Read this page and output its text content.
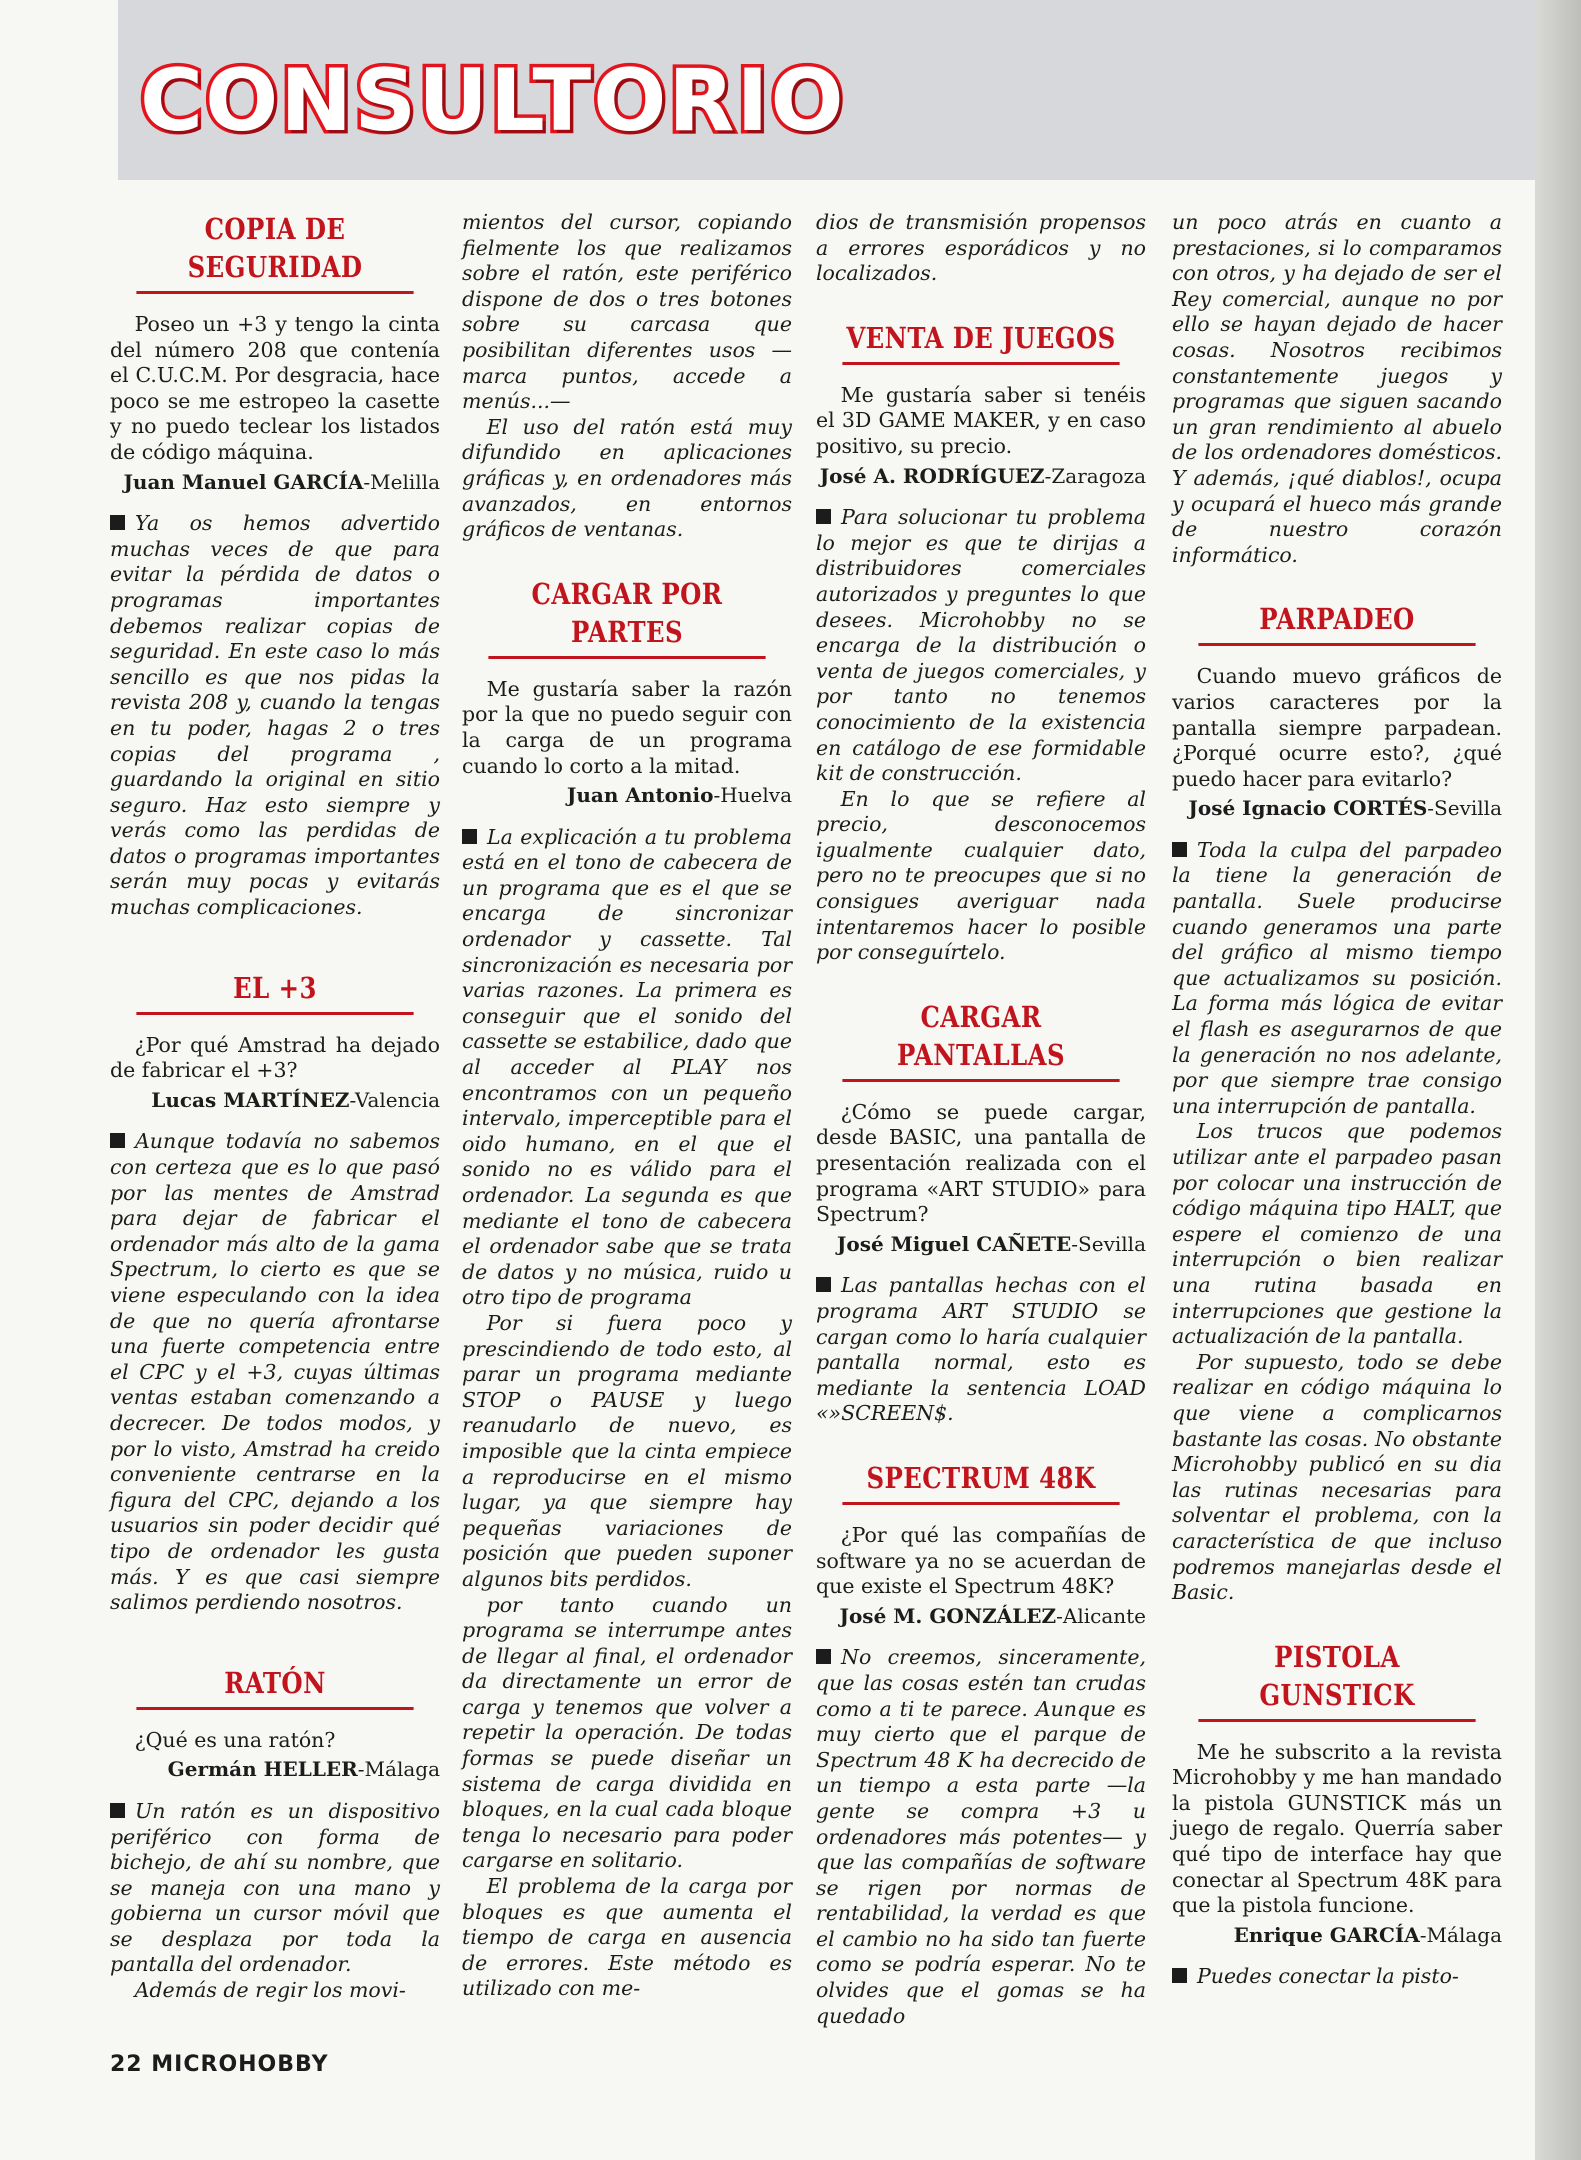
CONSULTORIO
COPIA DE SEGURIDAD

Poseo un +3 y tengo la cinta del número 208 que contenía el C.U.C.M. Por desgracia, hace poco se me estropeo la casette y no puedo teclear los listados de código máquina.

Juan Manuel GARCÍA-Melilla

Ya os hemos advertido muchas veces de que para evitar la pérdida de datos o programas importantes debemos realizar copias de seguridad. En este caso lo más sencillo es que nos pidas la revista 208 y, cuando la tengas en tu poder, hagas 2 o tres copias del programa , guardando la original en sitio seguro. Haz esto siempre y verás como las perdidas de datos o programas importantes serán muy pocas y evitarás muchas complicaciones.

EL +3

¿Por qué Amstrad ha dejado de fabricar el +3?

Lucas MARTÍNEZ-Valencia

Aunque todavía no sabemos con certeza que es lo que pasó por las mentes de Amstrad para dejar de fabricar el ordenador más alto de la gama Spectrum, lo cierto es que se viene especulando con la idea de que no quería afrontarse una fuerte competencia entre el CPC y el +3, cuyas últimas ventas estaban comenzando a decrecer. De todos modos, y por lo visto, Amstrad ha creido conveniente centrarse en la figura del CPC, dejando a los usuarios sin poder decidir qué tipo de ordenador les gusta más. Y es que casi siempre salimos perdiendo nosotros.

RATÓN

¿Qué es una ratón?

Germán HELLER-Málaga

Un ratón es un dispositivo periférico con forma de bichejo, de ahí su nombre, que se maneja con una mano y gobierna un cursor móvil que se desplaza por toda la pantalla del ordenador.

Además de regir los movi-

mientos del cursor, copiando fielmente los que realizamos sobre el ratón, este periférico dispone de dos o tres botones sobre su carcasa que posibilitan diferentes usos —marca puntos, accede a menús...—

El uso del ratón está muy difundido en aplicaciones gráficas y, en ordenadores más avanzados, en entornos gráficos de ventanas.

CARGAR POR PARTES

Me gustaría saber la razón por la que no puedo seguir con la carga de un programa cuando lo corto a la mitad.

Juan Antonio-Huelva

La explicación a tu problema está en el tono de cabecera de un programa que es el que se encarga de sincronizar ordenador y cassette. Tal sincronización es necesaria por varias razones. La primera es conseguir que el sonido del cassette se estabilice, dado que al acceder al PLAY nos encontramos con un pequeño intervalo, imperceptible para el oido humano, en el que el sonido no es válido para el ordenador. La segunda es que mediante el tono de cabecera el ordenador sabe que se trata de datos y no música, ruido u otro tipo de programa

Por si fuera poco y prescindiendo de todo esto, al parar un programa mediante STOP o PAUSE y luego reanudarlo de nuevo, es imposible que la cinta empiece a reproducirse en el mismo lugar, ya que siempre hay pequeñas variaciones de posición que pueden suponer algunos bits perdidos.

por tanto cuando un programa se interrumpe antes de llegar al final, el ordenador da directamente un error de carga y tenemos que volver a repetir la operación. De todas formas se puede diseñar un sistema de carga dividida en bloques, en la cual cada bloque tenga lo necesario para poder cargarse en solitario.

El problema de la carga por bloques es que aumenta el tiempo de carga en ausencia de errores. Este método es utilizado con me-

dios de transmisión propensos a errores esporádicos y no localizados.

VENTA DE JUEGOS

Me gustaría saber si tenéis el 3D GAME MAKER, y en caso positivo, su precio.

José A. RODRÍGUEZ-Zaragoza

Para solucionar tu problema lo mejor es que te dirijas a distribuidores comerciales autorizados y preguntes lo que desees. Microhobby no se encarga de la distribución o venta de juegos comerciales, y por tanto no tenemos conocimiento de la existencia en catálogo de ese formidable kit de construcción.

En lo que se refiere al precio, desconocemos igualmente cualquier dato, pero no te preocupes que si no consigues averiguar nada intentaremos hacer lo posible por conseguírtelo.

CARGAR PANTALLAS

¿Cómo se puede cargar, desde BASIC, una pantalla de presentación realizada con el programa «ART STUDIO» para Spectrum?

José Miguel CAÑETE-Sevilla

Las pantallas hechas con el programa ART STUDIO se cargan como lo haría cualquier pantalla normal, esto es mediante la sentencia LOAD «»SCREEN$.

SPECTRUM 48K

¿Por qué las compañías de software ya no se acuerdan de que existe el Spectrum 48K?

José M. GONZÁLEZ-Alicante

No creemos, sinceramente, que las cosas estén tan crudas como a ti te parece. Aunque es muy cierto que el parque de Spectrum 48 K ha decrecido de un tiempo a esta parte —la gente se compra +3 u ordenadores más potentes— y que las compañías de software se rigen por normas de rentabilidad, la verdad es que el cambio no ha sido tan fuerte como se podría esperar. No te olvides que el gomas se ha quedado

un poco atrás en cuanto a prestaciones, si lo comparamos con otros, y ha dejado de ser el Rey comercial, aunque no por ello se hayan dejado de hacer cosas. Nosotros recibimos constantemente juegos y programas que siguen sacando un gran rendimiento al abuelo de los ordenadores domésticos. Y además, ¡qué diablos!, ocupa y ocupará el hueco más grande de nuestro corazón informático.

PARPADEO

Cuando muevo gráficos de varios caracteres por la pantalla siempre parpadean. ¿Porqué ocurre esto?, ¿qué puedo hacer para evitarlo?

José Ignacio CORTÉS-Sevilla

Toda la culpa del parpadeo la tiene la generación de pantalla. Suele producirse cuando generamos una parte del gráfico al mismo tiempo que actualizamos su posición. La forma más lógica de evitar el flash es asegurarnos de que la generación no nos adelante, por que siempre trae consigo una interrupción de pantalla.

Los trucos que podemos utilizar ante el parpadeo pasan por colocar una instrucción de código máquina tipo HALT, que espere el comienzo de una interrupción o bien realizar una rutina basada en interrupciones que gestione la actualización de la pantalla.

Por supuesto, todo se debe realizar en código máquina lo que viene a complicarnos bastante las cosas. No obstante Microhobby publicó en su dia las rutinas necesarias para solventar el problema, con la característica de que incluso podremos manejarlas desde el Basic.

PISTOLA GUNSTICK

Me he subscrito a la revista Microhobby y me han mandado la pistola GUNSTICK más un juego de regalo. Querría saber qué tipo de interface hay que conectar al Spectrum 48K para que la pistola funcione.

Enrique GARCÍA-Málaga

Puedes conectar la pisto-

22 MICROHOBBY
